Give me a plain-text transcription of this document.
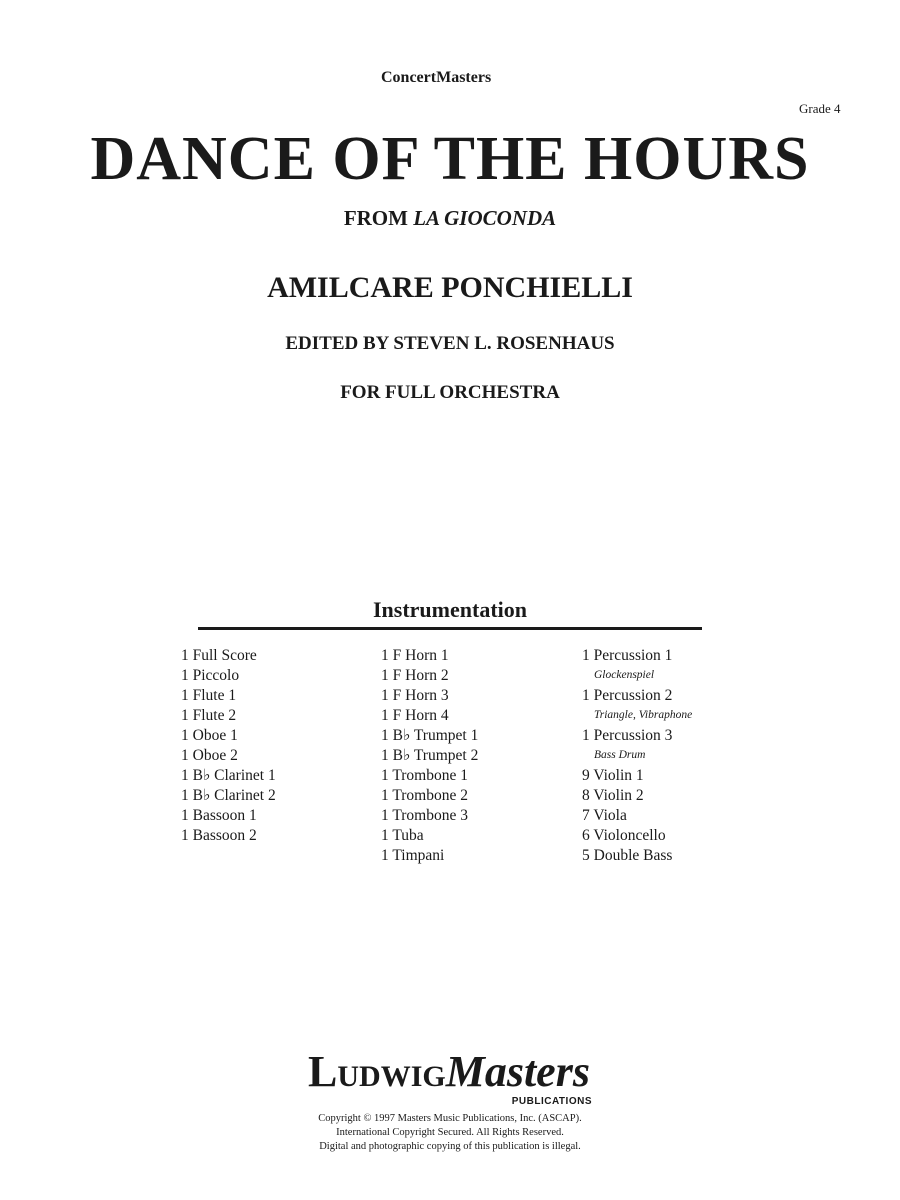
ConcertMasters
Grade 4
DANCE OF THE HOURS
FROM LA GIOCONDA
AMILCARE PONCHIELLI
EDITED BY STEVEN L. ROSENHAUS
FOR FULL ORCHESTRA
Instrumentation
1 Full Score
1 Piccolo
1 Flute 1
1 Flute 2
1 Oboe 1
1 Oboe 2
1 B♭ Clarinet 1
1 B♭ Clarinet 2
1 Bassoon 1
1 Bassoon 2
1 F Horn 1
1 F Horn 2
1 F Horn 3
1 F Horn 4
1 B♭ Trumpet 1
1 B♭ Trumpet 2
1 Trombone 1
1 Trombone 2
1 Trombone 3
1 Tuba
1 Timpani
1 Percussion 1
Glockenspiel
1 Percussion 2
Triangle, Vibraphone
1 Percussion 3
Bass Drum
9 Violin 1
8 Violin 2
7 Viola
6 Violoncello
5 Double Bass
LUDWIGMasters
PUBLICATIONS
Copyright © 1997 Masters Music Publications, Inc. (ASCAP).
International Copyright Secured. All Rights Reserved.
Digital and photographic copying of this publication is illegal.
